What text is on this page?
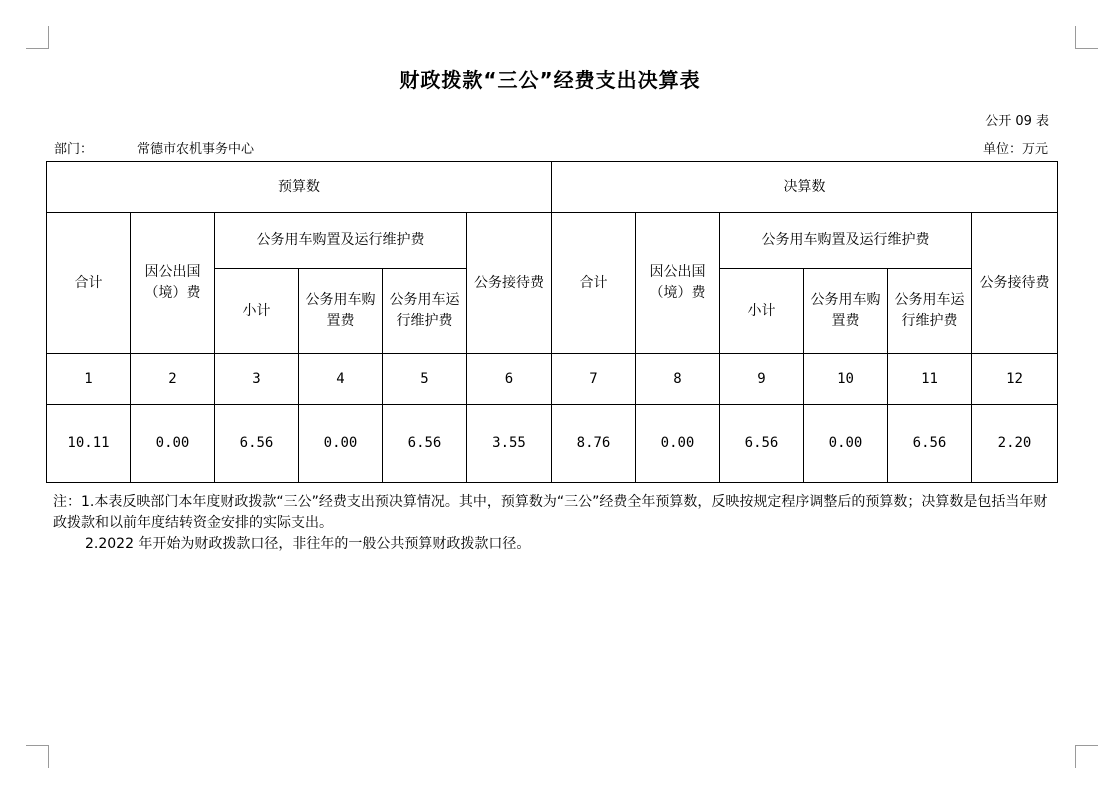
财政拨款“三公”经费支出决算表
公开 09 表
部门：	常德市农机事务中心	单位：万元
预算数						决算数					
合计	因公出国（境）费	公务用车购置及运行维护费			公务接待费	合计	因公出国（境）费	公务用车购置及运行维护费			公务接待费
		小计	公务用车购置费	公务用车运行维护费				小计	公务用车购置费	公务用车运行维护费	
1	2	3	4	5	6	7	8	9	10	11	12
10.11	0.00	6.56	0.00	6.56	3.55	8.76	0.00	6.56	0.00	6.56	2.20

注：1.本表反映部门本年度财政拨款“三公”经费支出预决算情况。其中，预算数为“三公”经费全年预算数，反映按规定程序调整后的预算数；决算数是包括当年财政拨款和以前年度结转资金安排的实际支出。

2.2022 年开始为财政拨款口径，非往年的一般公共预算财政拨款口径。
